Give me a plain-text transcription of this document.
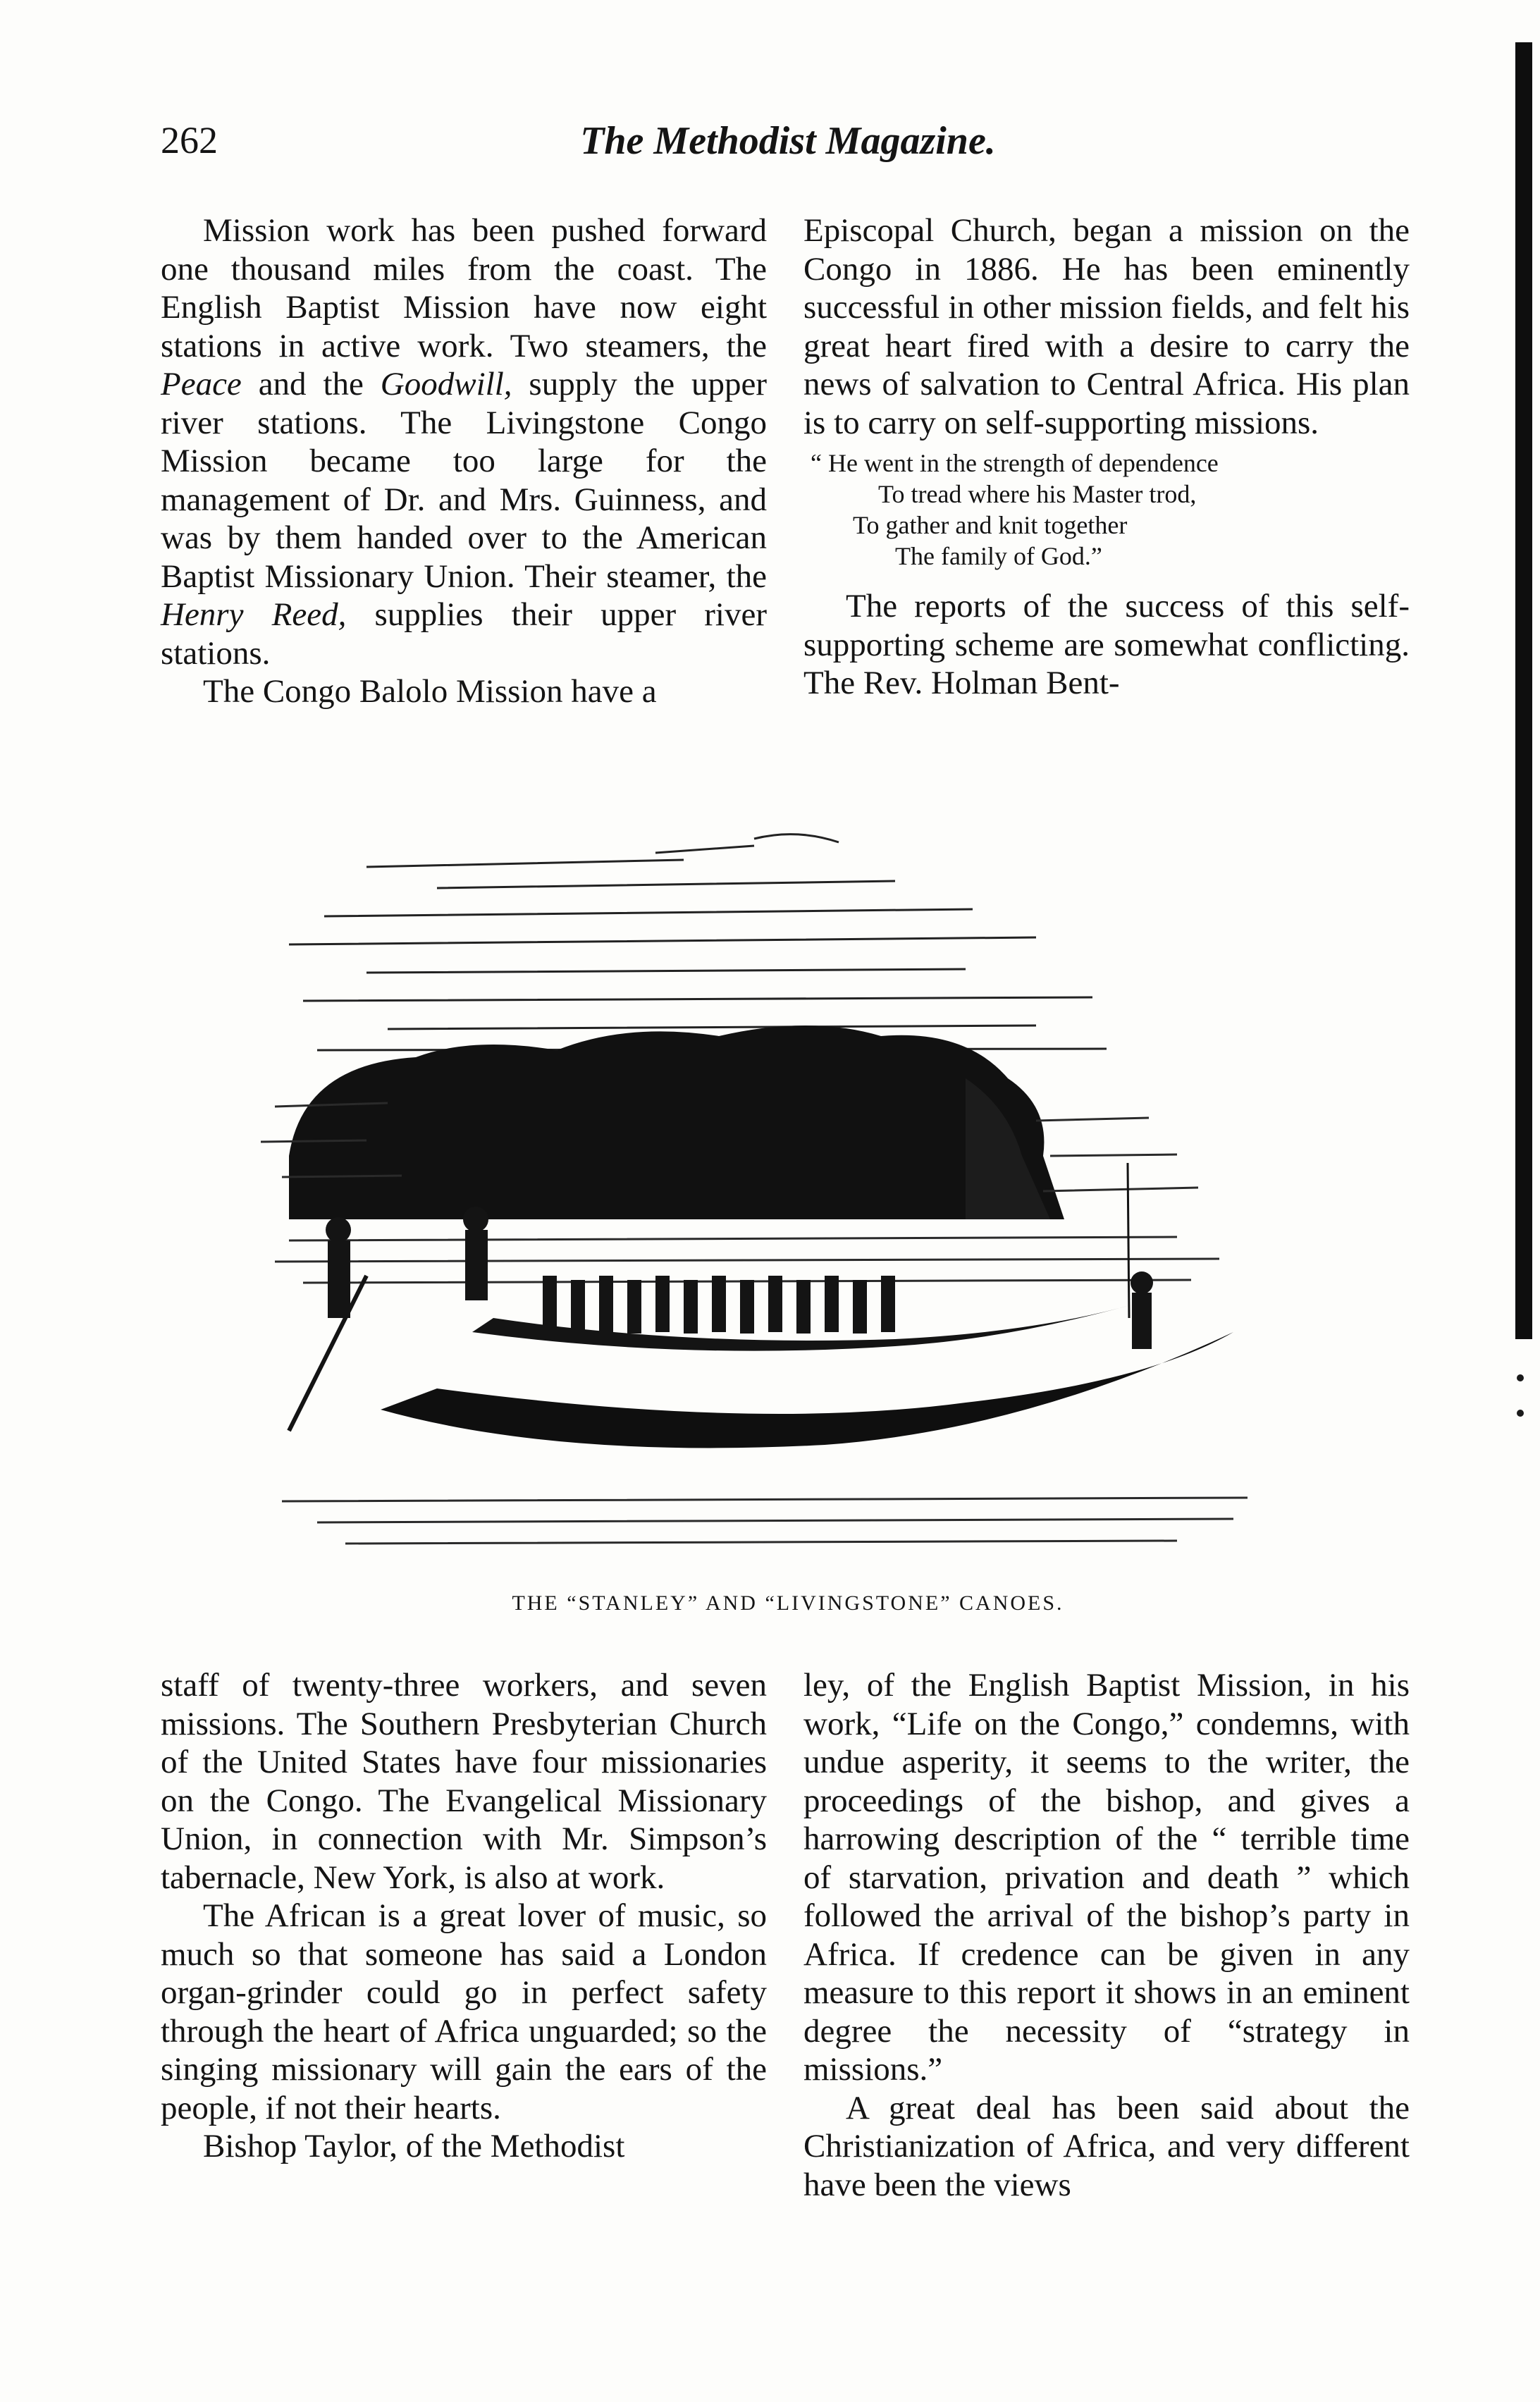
262	The Methodist Magazine.

Mission work has been pushed forward one thousand miles from the coast. The English Baptist Mission have now eight stations in active work. Two steamers, the Peace and the Goodwill, supply the upper river stations. The Livingstone Congo Mission became too large for the management of Dr. and Mrs. Guinness, and was by them handed over to the American Baptist Missionary Union. Their steamer, the Henry Reed, supplies their upper river stations.

The Congo Balolo Mission have a

Episcopal Church, began a mission on the Congo in 1886. He has been eminently successful in other mission fields, and felt his great heart fired with a desire to carry the news of salvation to Central Africa. His plan is to carry on self-supporting missions.

“ He went in the strength of dependence
To tread where his Master trod,
To gather and knit together
The family of God.”

The reports of the success of this self-supporting scheme are somewhat conflicting. The Rev. Holman Bent-

THE “STANLEY” AND “LIVINGSTONE” CANOES.

staff of twenty-three workers, and seven missions. The Southern Presbyterian Church of the United States have four missionaries on the Congo. The Evangelical Missionary Union, in connection with Mr. Simpson’s tabernacle, New York, is also at work.

The African is a great lover of music, so much so that someone has said a London organ-grinder could go in perfect safety through the heart of Africa unguarded; so the singing missionary will gain the ears of the people, if not their hearts.

Bishop Taylor, of the Methodist

ley, of the English Baptist Mission, in his work, “Life on the Congo,” condemns, with undue asperity, it seems to the writer, the proceedings of the bishop, and gives a harrowing description of the “ terrible time of starvation, privation and death ” which followed the arrival of the bishop’s party in Africa. If credence can be given in any measure to this report it shows in an eminent degree the necessity of “strategy in missions.”

A great deal has been said about the Christianization of Africa, and very different have been the views
